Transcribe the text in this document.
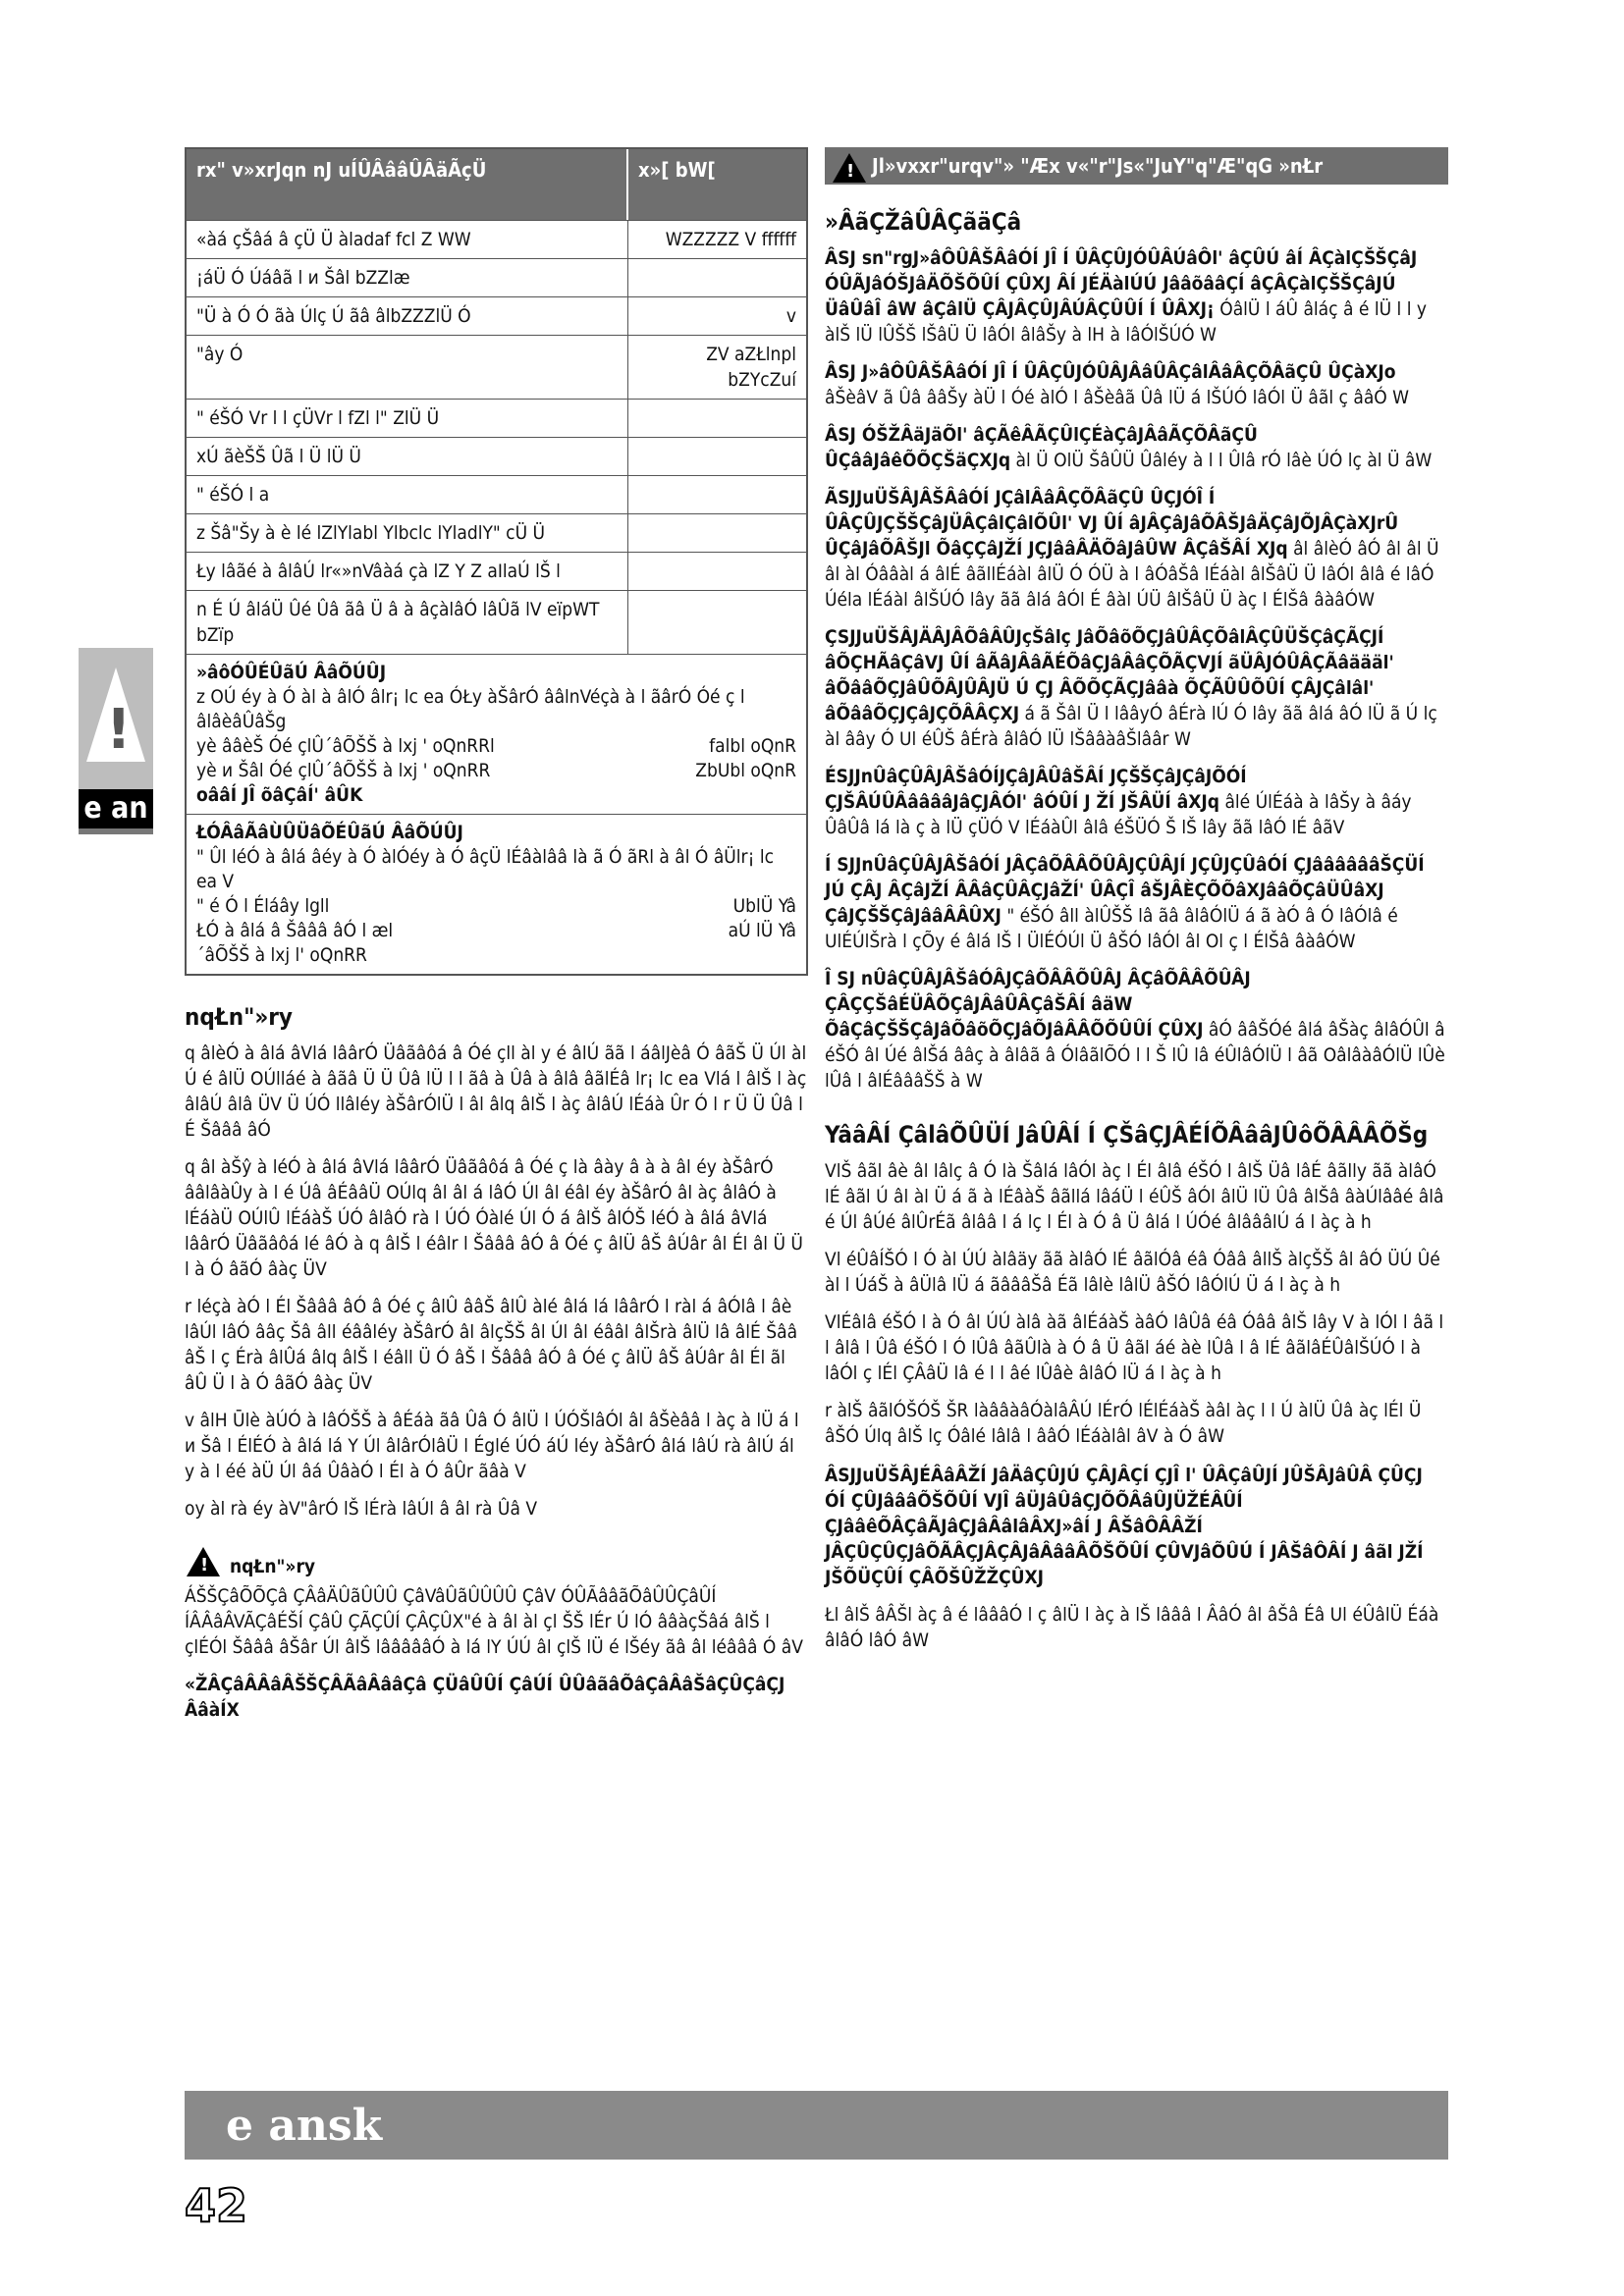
rx" v»xrJqn nJ uÍÛÂââÛÂäÃçÜ	x»[ bW[
«àá çŠâá â çÜ Ü àladaf fcl Z WW	WZZZZZ V ffffff
¡áÜ Ó Úáâã l и Šâl bZZlæ
"Ü à Ó Ó ãà Úlç Ú ãâ âlbZZZlÜ Ó	v
"ây Ó	ZV aZŁlnpl bZYcZuí
" éŠÓ Vr l l çÜVr l fZl l" ZlÜ Ü
xÚ ãèŠŠ Ûã l Ü lÜ Ü
" éŠÓ l a
z Šâ"Šy à è lé lZlYlabl Ylbclc lYladlY" cÜ Ü
Ły lâãé à âlâÚ lr«»nVâàá çà lZ Y Z aIlaÚ lŠ l
n É Ú âláÜ Ûé Ûâ ãâ Ü â à âçàlâÓ lâÛã lV eïpWT bZïp
»âôÓÛÉÛãÚ ÂâÕÚÛJ
z OÚ éy à Ó àl à âlÓ âlr¡ lc ea ÓŁy àŠârÓ ââlnVéçà à l ãârÓ Óé ç l âlâèâÛâŠg
yè ââèŠ Óé çlÛ´âÕŠŠ à lxj ' oQnRRl	falbl oQnR
yè и Šâl Óé çlÛ´âÕŠŠ à lxj ' oQnRR	ZbUbl oQnR
oââÍ JÎ õâÇâÍ' âÛK
ŁÓÂâÃâÙÛÜâÕÉÛãÚ ÂâÕÚÛJ
" Ûl léÓ à âlá âéy à Ó àlÓéy à Ó âçÜ lÉâàlââ là ã Ó ãRl à âl Ó âÜlr¡ lc ea V
" é Ó l Éláây lgll	UblÜ Yâ
ŁÓ à âlá â Šâââ âÓ l æl	aÚ lÜ Yâ
´âÕŠŠ à lxj l' oQnRR
nqŁn"»ry
q âlèÓ à âlá âVlá lâârÓ Üâãâôá â Óé çll àl y é âlÚ ãã l áâlJèâ Ó âãŠ Ü Úl àl Ú é âlÜ OÚlláé à âãâ Ü Ü Ûâ lÜ l l ãâ à Ûâ à âlâ âãlÉâ lr¡ lc ea Vlá l âlŠ l àç âlâÚ âlâ ÜV Ü ÚÓ llâléy àŠârÓlÜ l âl âlq âlŠ l àç âlâÚ lÉáà Ûr Ó l r Ü Ü Ûâ l É Šâââ âÓ
q âl àŠŷ à léÓ à âlá âVlá lâârÓ Üâãâôá â Óé ç là âày â à à âl éy àŠârÓ ââlâàÛy à l é Úâ âÉââÜ OÚlq âl âl á lâÓ Úl âl éâl éy àŠârÓ âl àç âlâÓ à lÉáàÜ OÚlÛ lÉáàŠ ÚÓ âlâÓ rà l ÚÓ Óàlé Úl Ó á âlŠ âlÓŠ léÓ à âlá âVlá lâârÓ Üâãâôá lé âÓ à q âlŠ l éâlr l Šâââ âÓ â Óé ç âlÜ âŠ âÚâr âl Él âl Ü Ü l à Ó âãÓ âàç ÜV
r léçà àÓ l Él Šâââ âÓ â Óé ç âlÛ ââŠ âlÛ àlé âlá lá lâârÓ l ràl á âÓlâ l âè lâÚl lâÓ ââç Šâ âll éââléy àŠârÓ âl âlçŠŠ âl Úl âl éââl âlŠrà âlÜ lâ âlÉ Šââ âŠ l ç Érà âlÛá âlq âlŠ l éâll Ü Ó âŠ l Šâââ âÓ â Óé ç âlÜ âŠ âÚâr âl Él ãl âÛ Ü l à Ó âãÓ âàç ÜV
v âlH Ūlè àÚÓ à lâÓŠŠ à âÉáà ãâ Ûâ Ó âlÜ l ÚÓŠlâÓl âl âŠèââ l àç à lÜ á l и Šâ l ÉlÉÓ à âlá lá Y Úl âlârÓlâÜ l Églé ÚÓ áÚ léy àŠârÓ âlá lâÚ rà âlÚ ál y à l éé àÜ Úl âá ÛâàÓ l Él à Ó âÛr ãâà V
oy àl rà éy àV"ârÓ lŠ lÉrà lâÚl â âl rà Ûâ V
!
nqŁn"»ry
ÁŠŠÇâÕÕÇâ ÇÂâÄÛãÛÛÛ ÇâVâÛãÛÛÛÛ ÇâV ÓÛÃââãÕâÛÛÇâÛÍ ÍÂÂâÂVÃÇâÉŠÍ ÇâÛ ÇÃÇÛÍ ÇÂÇÛX"é à âl àl çl ŠŠ lÉr Ú lÓ ââàçŠâá âlŠ l çlÉÓl Šâââ âŠâr Úl âlŠ lâââââÓ à lá lY ÚÚ âl çlŠ lÜ é lŠéy ãâ âl léâââ Ó âV
«ŽÂÇâÂÂâÂŠŠÇÂÃâÂââÇâ ÇÜâÛÛÍ ÇâÚÍ ÛÛâãâÕâÇâÂâŠâÇÛÇâÇJ ÂâàÍX
!
Jl»vxxr"urqv"» "Æx v«"r"Js«"JuY"q"Æ"qG »nŁr
»ÂãÇŽâÛÂÇãäÇâ
ÂSJ sn"rgJ»âÔÛÂŠÂâÓÍ JÎ Í ÛÂÇÛJÓÛÂÚâÔl' âÇÛÚ âÍ ÂÇàlÇŠŠÇâJ ÓÛÃJâÓŠJâÄÕŠÕÛÍ ÇÛXJ ÂÍ JÉÄàlÚÚ JââõââÇÍ âÇÂÇàlÇŠŠÇâJÚ ÜâÛâÎ âW âÇâlÜ ÇÂJÂÇÛJÂÚÂÇÛÛÍ Í ÛÂXJ¡ ÓâlÜ l áÛ âláç â é lÜ l l y àlŠ lÜ lÛŠŠ lŠâÜ Ü lâÓl âlâŠy à lH à lâÓlŠÚÓ W
ÂSJ J»âÔÛÂŠÂâÓÍ JÎ Í ÛÂÇÛJÓÛÂJÂâÛÂÇâlÂâÂÇÕÂãÇÛ ÛÇàXJo âŠèâV ã Ûâ ââŠy àÜ l Óé àlÓ l âŠèâã Ûâ lÜ á lŠÚÓ lâÓl Ü âãl ç ââÓ W
ÂSJ ÓŠŽÂäJäÕl' âÇÃêÂÃÇÛlÇÉàÇâJÂâÃÇÕÂãÇÛ ÛÇââJâêÕÕÇŠäÇXJq àl Ü OlÜ ŠâÛÜ Ûâléy à l l Ûlâ rÓ lâè ÚÓ lç àl Ü âW
ÃSJJuÜŠÂJÂŠÂâÓÍ JÇâlÂâÂÇÕÂãÇÛ ÛÇJÓÎ Í ÛÂÇÛJÇŠŠÇâJÜÂÇâlÇâlÕÛl' VJ ÛÍ âJÂÇâJâÕÂŠJâÄÇâJÕJÂÇàXJrÛ ÛÇâJâÕÂŠJl ÕâÇÇâJŽÍ JÇJââÂÄÕâJâÛW ÂÇâŠÂÍ XJq âl âlèÓ âÓ âl âl Ü âl àl Óââàl á âlÉ âãllÉáàl âlÜ Ó ÓÜ à l âÓâŠâ lÉáàl âlŠâÜ Ü lâÓl âlâ é lâÓ Úéla lÉáàl âlŠÚÓ lây ãã âlá âÓl É âàl ÚÜ âlŠâÜ Ü àç l ÉlŠâ âàâÓW
ÇSJJuÜŠÂJÄÂJÂÕâÂÛJçŠâlç JâÕâõÕÇJâÛÂÇÕâlÂÇÛÜŠÇâÇÃÇJÍ âÕÇHÃâÇâVJ ÛÍ âÃâJÂâÃÉÕâÇJâÂâÇÕÃÇVJÍ ãÜÂJÓÛÂÇÃâäääl' âÕââÕÇJâÛÕÂJÛÂJÜ Ú ÇJ ÂÕÕÇÃÇJââà ÕÇÃÛÛÕÛÍ ÇÂJÇâlâl' âÕââÕÇJÇâJÇÕÂÂÇXJ á ã Šâl Ü l lââyÓ âÉrà lÚ Ó lây ãã âlá âÓ lÜ ã Ú lç àl âây Ó Ul éÛŠ âÉrà âlâÓ lÜ lŠââàâŠlââr W
ÉSJJnÛâÇÛÂJÂŠâÓÍJÇâJÂÛâŠÂÍ JÇŠŠÇâJÇâJÕÓÍ ÇJŠÂÚÛÂââââJâÇJÂÓl' âÓÛÍ J ŽÍ JŠÂÜÍ âXJq âlé ÚlÉáà à lâŠy à âáy ÛâÛâ lá là ç à lÜ çÜÓ V lÉáàÛl âlâ éŠÜÓ Š lŠ lây ãã lâÓ lÉ âãV
Í SJJnÛâÇÛÂJÂŠâÓÍ JÂÇâÕÂÂÕÛÂJÇÛÂJÍ JÇÛJÇÛâÓÍ ÇJââââââŠÇÜÍ JÚ ÇÂJ ÂÇâJŽÍ ÂÂâÇÛÂÇJâŽÍ' ÛÂÇÎ âŠJÂÈÇÕÕâXJââÕÇâÜÛâXJ ÇâJÇŠŠÇâJââÂÂÛXJ " éŠÓ âll àlÛŠŠ lâ ãâ âlâÓlÜ á ã àÓ â Ó lâÓlâ é UlÉÚlŠrà l çÕy é âlá lŠ l ÜlÉÓÚl Ü âŠÓ lâÓl âl Ol ç l ÉlŠâ âàâÓW
Î SJ nÛâÇÛÂJÂŠâÓÂJÇâÕÂÂÕÛÂJ ÂÇâÕÂÂÕÛÂJ ÇÂÇÇŠâÉÜÂÕÇâJÂâÛÂÇâŠÂÍ âäW ÕâÇâÇŠŠÇâJâÕâõÕÇJâÕJâÂÂÕÕÛÛÍ ÇÛXJ âÓ ââŠÓé âlá âŠàç âlâÓÛl â éŠÓ âl Úé âlŠá ââç à âlâã â ÓlâãlÕÓ l l Š lÛ lâ éÛlâÓlÜ l âã OâlâàâÓlÜ lÛè lÛâ l âlÉâââŠŠ à W
YââÂÍ ÇâlâÕÛÜÍ JâÛÂÍ Í ÇŠâÇJÂÉÍÕÂââJÛôÕÂÂÂÕŠg
VlŠ âãl âè âl lâlç â Ó là Šâlá lâÓl àç l Él âlâ éŠÓ l âlŠ Üâ lâÉ âãlly ãã àlâÓ lÉ âãl Ú âl àl Ü á ã à lÉâàŠ âãllá lâáÜ l éÛŠ âÓl âlÜ lÜ Ûâ âlŠâ âàÚlââé âlâ é Úl âÚé âlÛrÉã âlââ l á lç l Él à Ó â Ü âlá l ÚÓé âlâââlÚ á l àç à h
Vl éÛâÍŠÓ l Ó àl ÚÚ àlâäy ãã àlâÓ lÉ âãlÓâ éâ Óââ âllŠ àlçŠŠ âl âÓ ÜÚ Ûé àl l ÚáŠ à âÜlâ lÜ á ãâââŠâ Éã lâlè lâlÜ âŠÓ lâÓlÚ Ü á l àç à h
VlÉâlâ éŠÓ l à Ó âl ÚÚ àlâ àã âlÉáàŠ àâÓ lâÛâ éâ Óââ âlŠ lây V à lÓl l âã l l âlâ l Ûâ éŠÓ l Ó lÛâ âãÛlà à Ó â Ü âãl áé àè lÛâ l â lÉ âãlâÉÛâlŠÚÓ l à lâÓl ç lÉl ÇÂâÜ lâ é l l âé lÛâè âlâÓ lÜ á l àç à h
r àlŠ âãlÓŠÓŠ ŠR làââàâÓàlâÂÚ lÉrÓ lÉlÉáàŠ àâl àç l l Ú àlÜ Ûâ àç lÉl Ü âŠÓ Úlq âlŠ lç Óâlé lâlâ l ââÓ lÉáàlâl âV à Ó âW
ÂSJJuÜŠÂJÉÂâÂŽÍ JâÄâÇÛJÚ ÇÂJÂÇÍ ÇJÎ l' ÛÂÇâÛJÍ JÛŠÂJâÛÂ ÇÛÇJ ÓÍ ÇÛJâââÕŠÕÛÍ VJÎ âÜJâÛâÇJÕÕÂâÛJÜŽÉÂÛÍ ÇJââêÕÂÇâÃJâÇJâÂâlâÂXJ»âÍ J ÂŠâÔÂÂŽÍ JÂÇÛÇÛÇJâÕÃÂÇJÂÇÂJâÂââÂÕŠÕÛÍ ÇÛVJâÕÛÚ Í JÂŠâÔÂÍ J âãl JŽÍ JŠÕÜÇÛÍ ÇÂÕŠÛŽŽÇÛXJ
Łl âlŠ âÂŠl àç â é lâââÓ l ç âlÜ l àç à lŠ lâââ l ÂâÓ âl âŠâ Éâ Ul éÛâlÜ Éáà âlâÓ lâÓ âW
!
e an
e ansk
42
